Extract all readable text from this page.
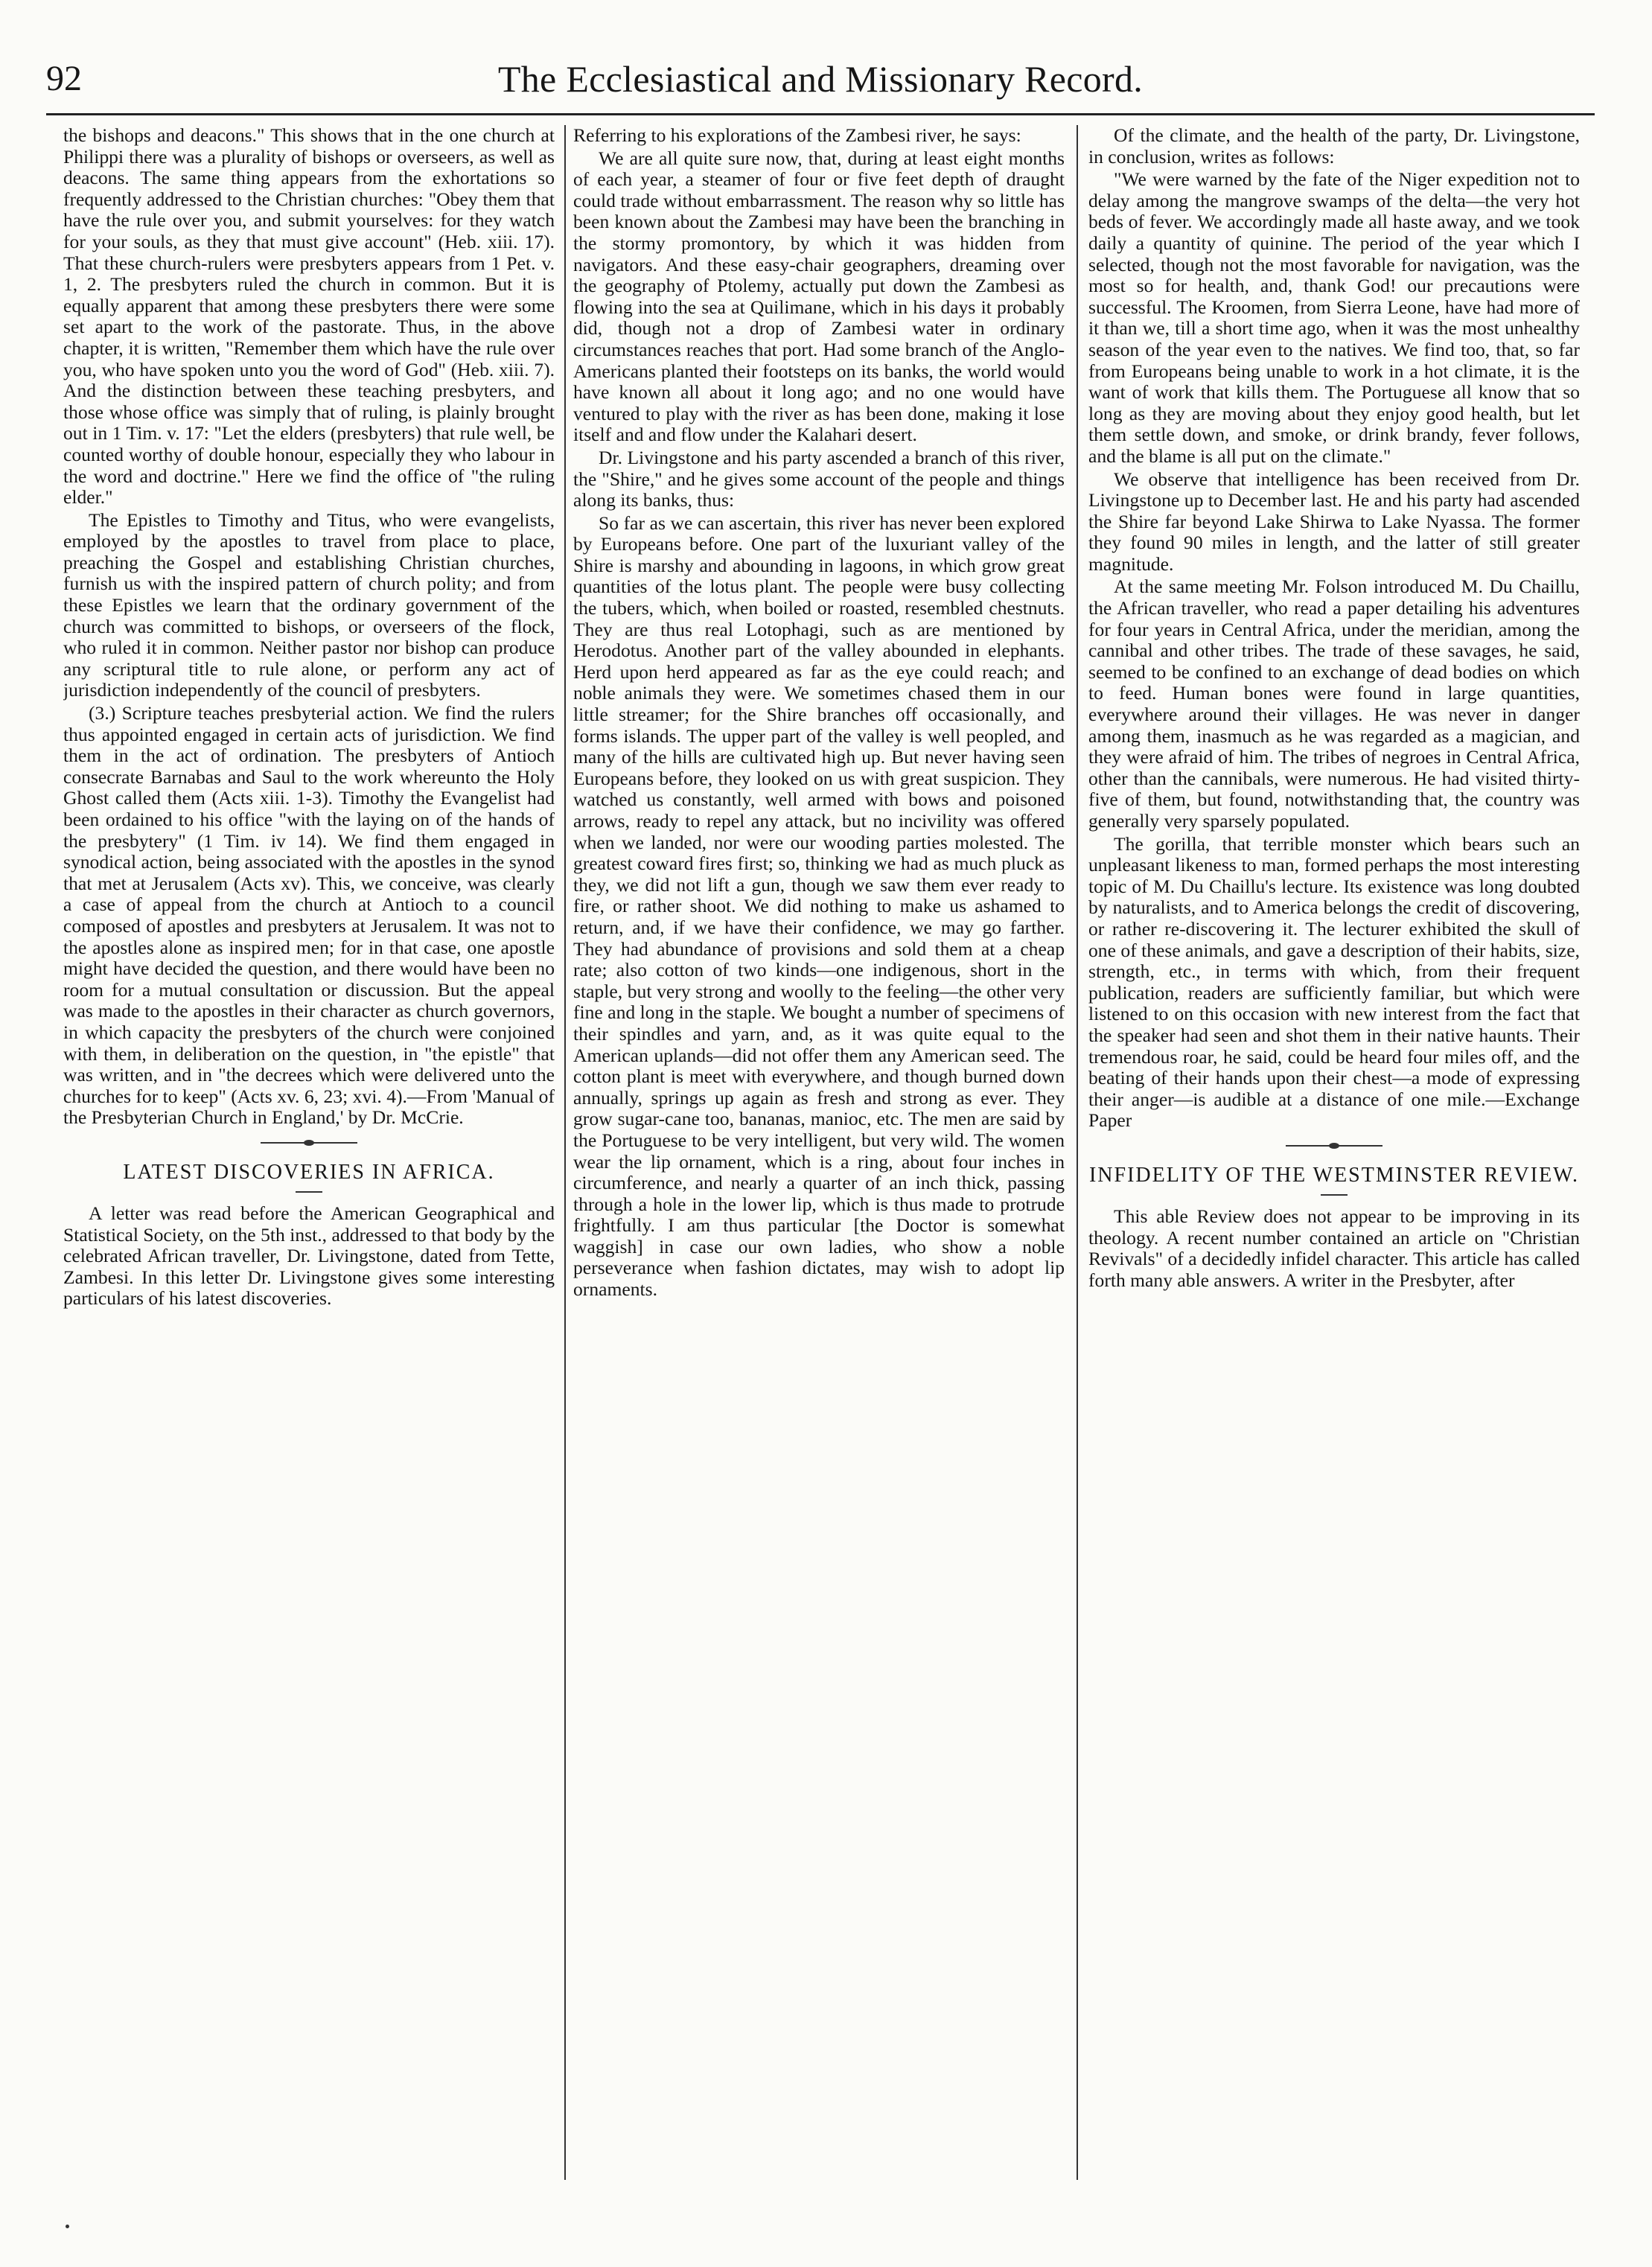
92	The Ecclesiastical and Missionary Record.

the bishops and deacons." This shows that in the one church at Philippi there was a plurality of bishops or overseers, as well as deacons. The same thing appears from the exhortations so frequently addressed to the Christian churches: "Obey them that have the rule over you, and submit yourselves: for they watch for your souls, as they that must give account" (Heb. xiii. 17). That these church-rulers were presbyters appears from 1 Pet. v. 1, 2. The presbyters ruled the church in common. But it is equally apparent that among these presbyters there were some set apart to the work of the pastorate. Thus, in the above chapter, it is written, "Remember them which have the rule over you, who have spoken unto you the word of God" (Heb. xiii. 7). And the distinction between these teaching presbyters, and those whose office was simply that of ruling, is plainly brought out in 1 Tim. v. 17: "Let the elders (presbyters) that rule well, be counted worthy of double honour, especially they who labour in the word and doctrine." Here we find the office of "the ruling elder."

The Epistles to Timothy and Titus, who were evangelists, employed by the apostles to travel from place to place, preaching the Gospel and establishing Christian churches, furnish us with the inspired pattern of church polity; and from these Epistles we learn that the ordinary government of the church was committed to bishops, or overseers of the flock, who ruled it in common. Neither pastor nor bishop can produce any scriptural title to rule alone, or perform any act of jurisdiction independently of the council of presbyters.

(3.) Scripture teaches presbyterial action. We find the rulers thus appointed engaged in certain acts of jurisdiction. We find them in the act of ordination. The presbyters of Antioch consecrate Barnabas and Saul to the work whereunto the Holy Ghost called them (Acts xiii. 1-3). Timothy the Evangelist had been ordained to his office "with the laying on of the hands of the presbytery" (1 Tim. iv 14). We find them engaged in synodical action, being associated with the apostles in the synod that met at Jerusalem (Acts xv). This, we conceive, was clearly a case of appeal from the church at Antioch to a council composed of apostles and presbyters at Jerusalem. It was not to the apostles alone as inspired men; for in that case, one apostle might have decided the question, and there would have been no room for a mutual consultation or discussion. But the appeal was made to the apostles in their character as church governors, in which capacity the presbyters of the church were conjoined with them, in deliberation on the question, in "the epistle" that was written, and in "the decrees which were delivered unto the churches for to keep" (Acts xv. 6, 23; xvi. 4).—From 'Manual of the Presbyterian Church in England,' by Dr. McCrie.

LATEST DISCOVERIES IN AFRICA.

A letter was read before the American Geographical and Statistical Society, on the 5th inst., addressed to that body by the celebrated African traveller, Dr. Livingstone, dated from Tette, Zambesi. In this letter Dr. Livingstone gives some interesting particulars of his latest discoveries.

Referring to his explorations of the Zambesi river, he says:

We are all quite sure now, that, during at least eight months of each year, a steamer of four or five feet depth of draught could trade without embarrassment. The reason why so little has been known about the Zambesi may have been the branching in the stormy promontory, by which it was hidden from navigators. And these easy-chair geographers, dreaming over the geography of Ptolemy, actually put down the Zambesi as flowing into the sea at Quilimane, which in his days it probably did, though not a drop of Zambesi water in ordinary circumstances reaches that port. Had some branch of the Anglo-Americans planted their footsteps on its banks, the world would have known all about it long ago; and no one would have ventured to play with the river as has been done, making it lose itself and and flow under the Kalahari desert.

Dr. Livingstone and his party ascended a branch of this river, the "Shire," and he gives some account of the people and things along its banks, thus:

So far as we can ascertain, this river has never been explored by Europeans before. One part of the luxuriant valley of the Shire is marshy and abounding in lagoons, in which grow great quantities of the lotus plant. The people were busy collecting the tubers, which, when boiled or roasted, resembled chestnuts. They are thus real Lotophagi, such as are mentioned by Herodotus. Another part of the valley abounded in elephants. Herd upon herd appeared as far as the eye could reach; and noble animals they were. We sometimes chased them in our little streamer; for the Shire branches off occasionally, and forms islands. The upper part of the valley is well peopled, and many of the hills are cultivated high up. But never having seen Europeans before, they looked on us with great suspicion. They watched us constantly, well armed with bows and poisoned arrows, ready to repel any attack, but no incivility was offered when we landed, nor were our wooding parties molested. The greatest coward fires first; so, thinking we had as much pluck as they, we did not lift a gun, though we saw them ever ready to fire, or rather shoot. We did nothing to make us ashamed to return, and, if we have their confidence, we may go farther. They had abundance of provisions and sold them at a cheap rate; also cotton of two kinds—one indigenous, short in the staple, but very strong and woolly to the feeling—the other very fine and long in the staple. We bought a number of specimens of their spindles and yarn, and, as it was quite equal to the American uplands—did not offer them any American seed. The cotton plant is meet with everywhere, and though burned down annually, springs up again as fresh and strong as ever. They grow sugar-cane too, bananas, manioc, etc. The men are said by the Portuguese to be very intelligent, but very wild. The women wear the lip ornament, which is a ring, about four inches in circumference, and nearly a quarter of an inch thick, passing through a hole in the lower lip, which is thus made to protrude frightfully. I am thus particular [the Doctor is somewhat waggish] in case our own ladies, who show a noble perseverance when fashion dictates, may wish to adopt lip ornaments.

Of the climate, and the health of the party, Dr. Livingstone, in conclusion, writes as follows:

"We were warned by the fate of the Niger expedition not to delay among the mangrove swamps of the delta—the very hot beds of fever. We accordingly made all haste away, and we took daily a quantity of quinine. The period of the year which I selected, though not the most favorable for navigation, was the most so for health, and, thank God! our precautions were successful. The Kroomen, from Sierra Leone, have had more of it than we, till a short time ago, when it was the most unhealthy season of the year even to the natives. We find too, that, so far from Europeans being unable to work in a hot climate, it is the want of work that kills them. The Portuguese all know that so long as they are moving about they enjoy good health, but let them settle down, and smoke, or drink brandy, fever follows, and the blame is all put on the climate."

We observe that intelligence has been received from Dr. Livingstone up to December last. He and his party had ascended the Shire far beyond Lake Shirwa to Lake Nyassa. The former they found 90 miles in length, and the latter of still greater magnitude.

At the same meeting Mr. Folson introduced M. Du Chaillu, the African traveller, who read a paper detailing his adventures for four years in Central Africa, under the meridian, among the cannibal and other tribes. The trade of these savages, he said, seemed to be confined to an exchange of dead bodies on which to feed. Human bones were found in large quantities, everywhere around their villages. He was never in danger among them, inasmuch as he was regarded as a magician, and they were afraid of him. The tribes of negroes in Central Africa, other than the cannibals, were numerous. He had visited thirty-five of them, but found, notwithstanding that, the country was generally very sparsely populated.

The gorilla, that terrible monster which bears such an unpleasant likeness to man, formed perhaps the most interesting topic of M. Du Chaillu's lecture. Its existence was long doubted by naturalists, and to America belongs the credit of discovering, or rather re-discovering it. The lecturer exhibited the skull of one of these animals, and gave a description of their habits, size, strength, etc., in terms with which, from their frequent publication, readers are sufficiently familiar, but which were listened to on this occasion with new interest from the fact that the speaker had seen and shot them in their native haunts. Their tremendous roar, he said, could be heard four miles off, and the beating of their hands upon their chest—a mode of expressing their anger—is audible at a distance of one mile.—Exchange Paper

INFIDELITY OF THE WESTMINSTER REVIEW.

This able Review does not appear to be improving in its theology. A recent number contained an article on "Christian Revivals" of a decidedly infidel character. This article has called forth many able answers. A writer in the Presbyter, after
